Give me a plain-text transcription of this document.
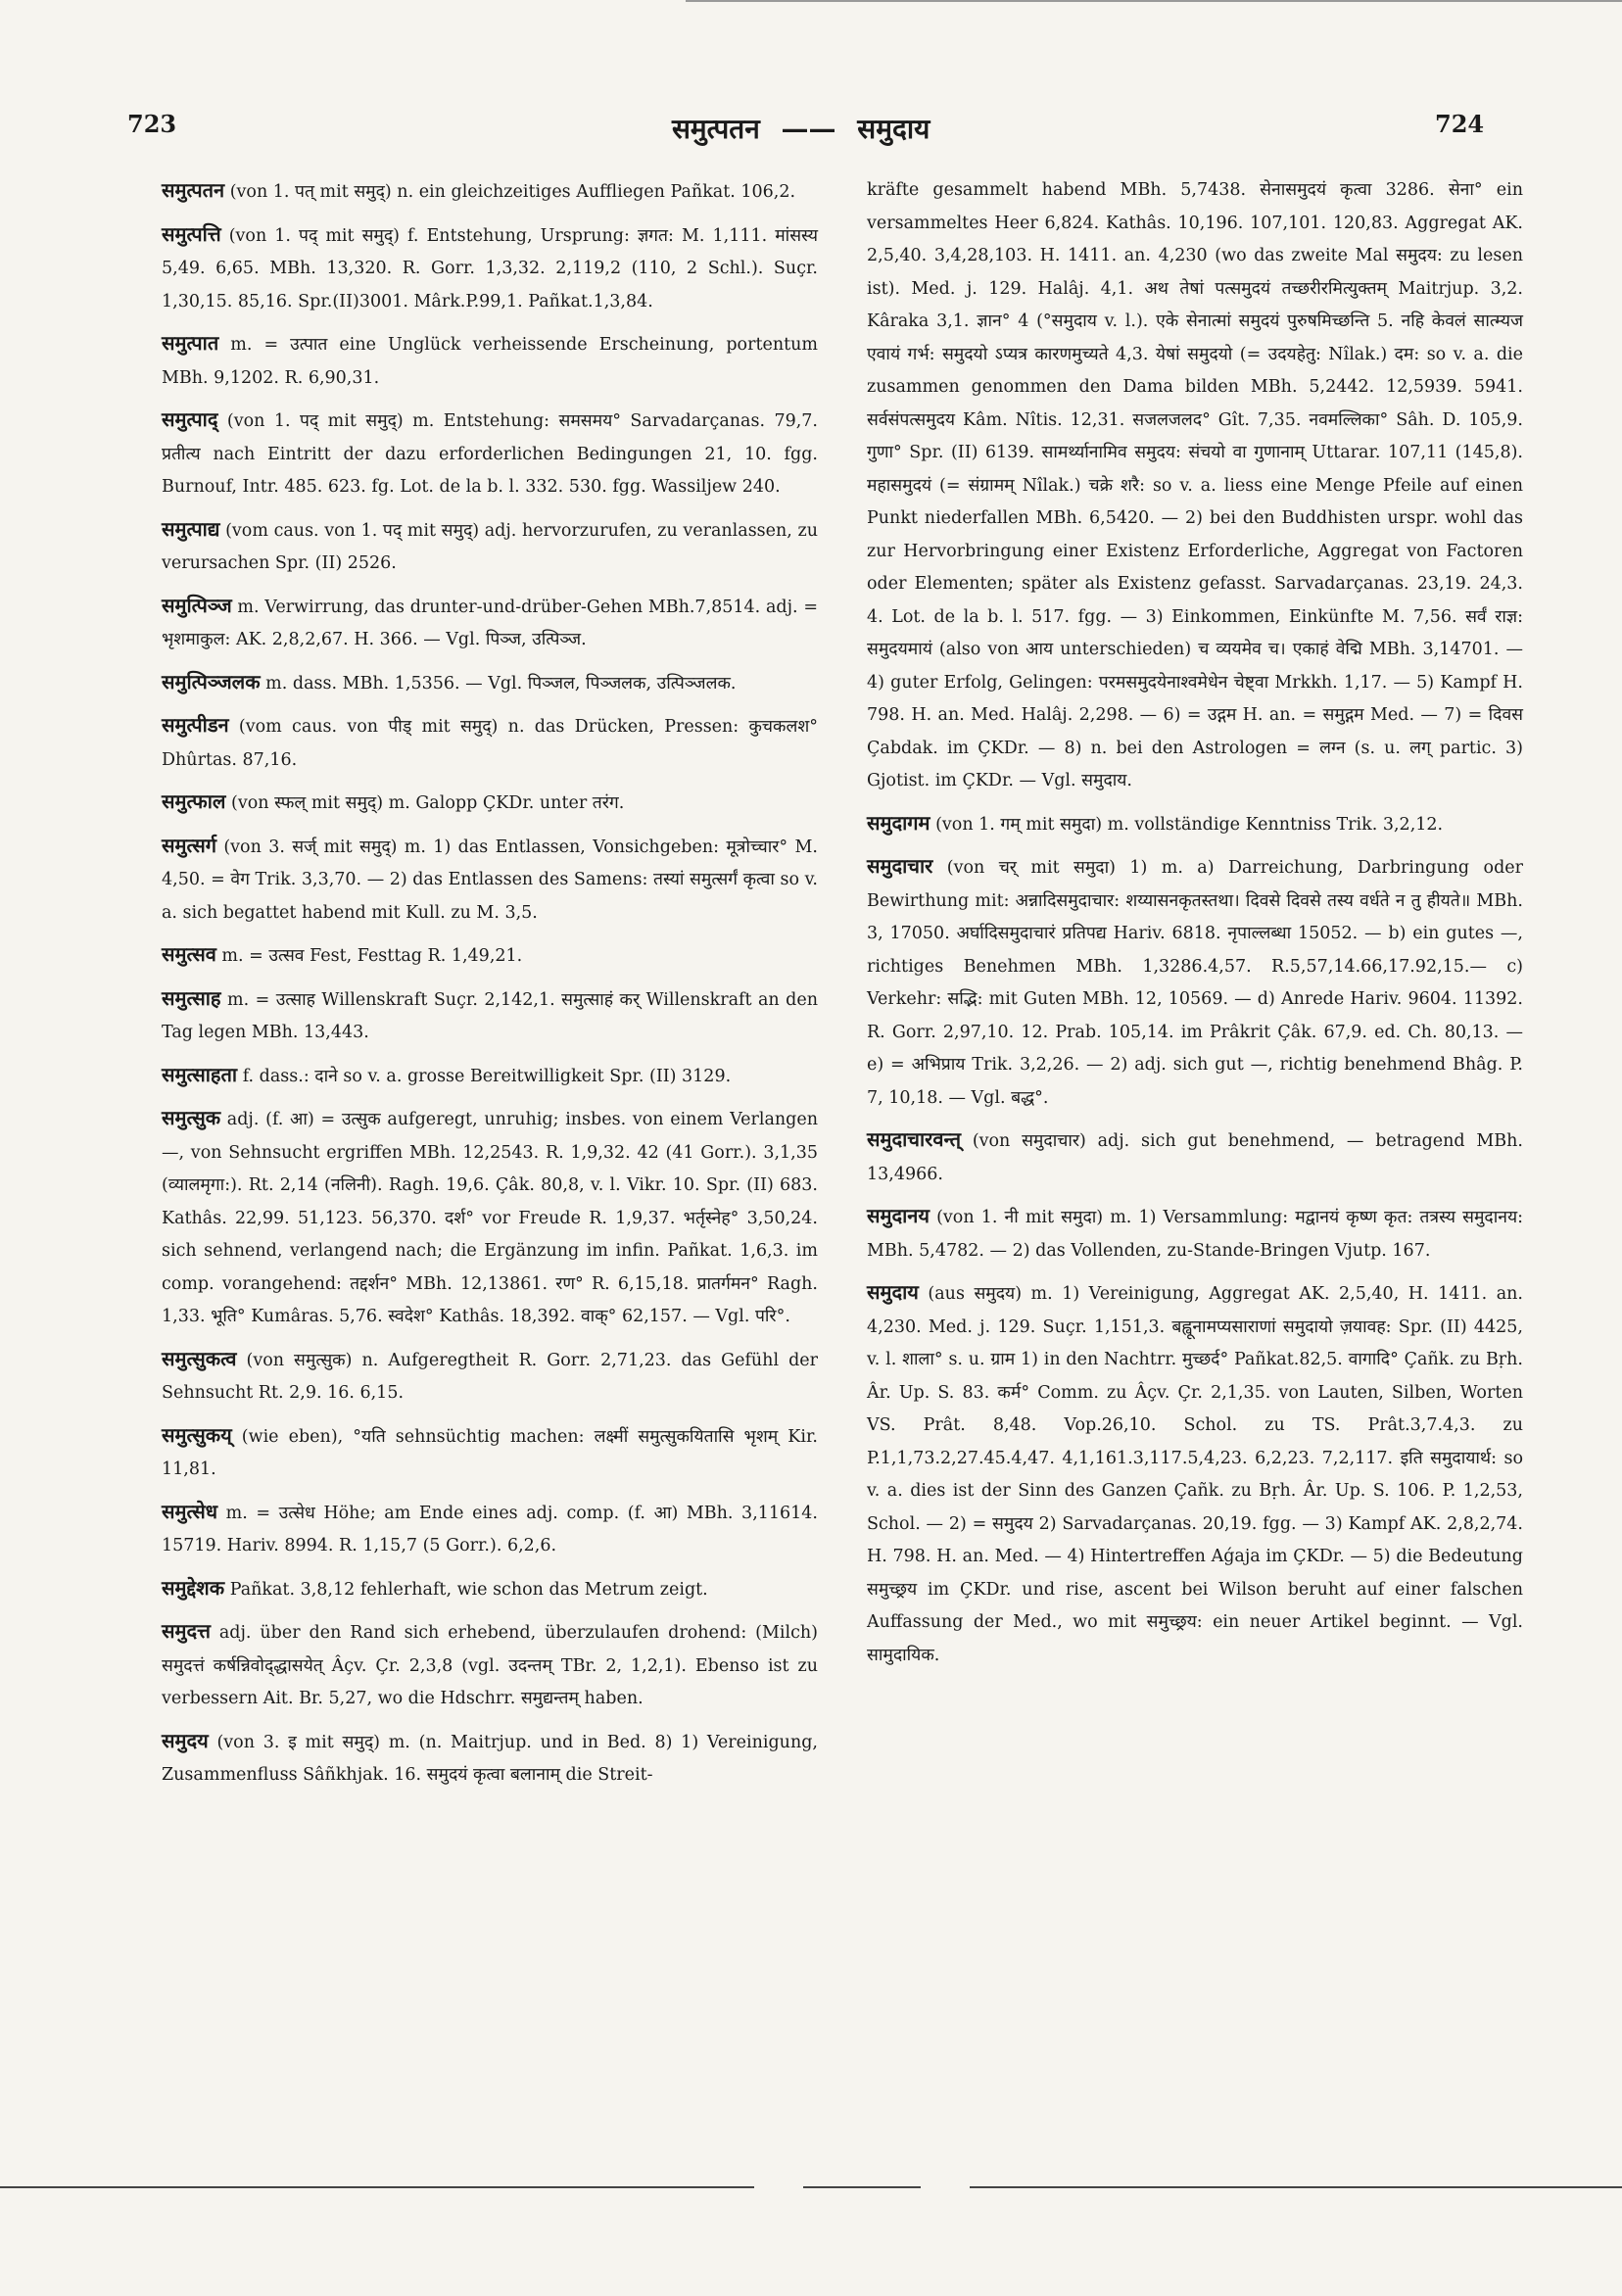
723	समुत्पतन —— समुदाय	724

समुत्पतन (von 1. पत् mit समुद्) n. ein gleichzeitiges Auffliegen Pañkat. 106,2.

समुत्पत्ति (von 1. पद् mit समुद्) f. Entstehung, Ursprung: ज्ञगत: M. 1,111. मांसस्य 5,49. 6,65. MBh. 13,320. R. Gorr. 1,3,32. 2,119,2 (110, 2 Schl.). Suçr. 1,30,15. 85,16. Spr.(II)3001. Mârk.P.99,1. Pañkat.1,3,84.

समुत्पात m. = उत्पात eine Unglück verheissende Erscheinung, portentum MBh. 9,1202. R. 6,90,31.

समुत्पाद् (von 1. पद् mit समुद्) m. Entstehung: समसमय° Sarvadarçanas. 79,7. प्रतीत्य nach Eintritt der dazu erforderlichen Bedingungen 21, 10. fgg. Burnouf, Intr. 485. 623. fg. Lot. de la b. l. 332. 530. fgg. Wassiljew 240.

समुत्पाद्य (vom caus. von 1. पद् mit समुद्) adj. hervorzurufen, zu veranlassen, zu verursachen Spr. (II) 2526.

समुत्पिञ्ज m. Verwirrung, das drunter-und-drüber-Gehen MBh.7,8514. adj. = भृशमाकुल: AK. 2,8,2,67. H. 366. — Vgl. पिञ्ज, उत्पिञ्ज.

समुत्पिञ्जलक m. dass. MBh. 1,5356. — Vgl. पिञ्जल, पिञ्जलक, उत्पिञ्जलक.

समुत्पीडन (vom caus. von पीड् mit समुद्) n. das Drücken, Pressen: कुचकलश° Dhûrtas. 87,16.

समुत्फाल (von स्फल् mit समुद्) m. Galopp ÇKDr. unter तरंग.

समुत्सर्ग (von 3. सर्ज् mit समुद्) m. 1) das Entlassen, Vonsichgeben: मूत्रोच्चार° M. 4,50. = वेग Trik. 3,3,70. — 2) das Entlassen des Samens: तस्यां समुत्सर्गं कृत्वा so v. a. sich begattet habend mit Kull. zu M. 3,5.

समुत्सव m. = उत्सव Fest, Festtag R. 1,49,21.

समुत्साह m. = उत्साह Willenskraft Suçr. 2,142,1. समुत्साहं कर् Willenskraft an den Tag legen MBh. 13,443.

समुत्साहता f. dass.: दाने so v. a. grosse Bereitwilligkeit Spr. (II) 3129.

समुत्सुक adj. (f. आ) = उत्सुक aufgeregt, unruhig; insbes. von einem Verlangen —, von Sehnsucht ergriffen MBh. 12,2543. R. 1,9,32. 42 (41 Gorr.). 3,1,35 (व्यालमृगा:). Rt. 2,14 (नलिनी). Ragh. 19,6. Çâk. 80,8, v. l. Vikr. 10. Spr. (II) 683. Kathâs. 22,99. 51,123. 56,370. दर्श° vor Freude R. 1,9,37. भर्तृस्नेह° 3,50,24. sich sehnend, verlangend nach; die Ergänzung im infin. Pañkat. 1,6,3. im comp. vorangehend: तद्दर्शन° MBh. 12,13861. रण° R. 6,15,18. प्रातर्गमन° Ragh. 1,33. भूति° Kumâras. 5,76. स्वदेश° Kathâs. 18,392. वाक्° 62,157. — Vgl. परि°.

समुत्सुकत्व (von समुत्सुक) n. Aufgeregtheit R. Gorr. 2,71,23. das Gefühl der Sehnsucht Rt. 2,9. 16. 6,15.

समुत्सुकय् (wie eben), °यति sehnsüchtig machen: लक्ष्मीं समुत्सुकयितासि भृशम् Kir. 11,81.

समुत्सेध m. = उत्सेध Höhe; am Ende eines adj. comp. (f. आ) MBh. 3,11614. 15719. Hariv. 8994. R. 1,15,7 (5 Gorr.). 6,2,6.

समुद्देशक Pañkat. 3,8,12 fehlerhaft, wie schon das Metrum zeigt.

समुदत्त adj. über den Rand sich erhebend, überzulaufen drohend: (Milch) समुदत्तं कर्षन्निवोद्‌द्धासयेत् Âçv. Çr. 2,3,8 (vgl. उदन्तम् TBr. 2, 1,2,1). Ebenso ist zu verbessern Ait. Br. 5,27, wo die Hdschrr. समुद्यन्तम् haben.

समुदय (von 3. इ mit समुद्) m. (n. Maitrjup. und in Bed. 8) 1) Vereinigung, Zusammenfluss Sâñkhjak. 16. समुदयं कृत्वा बलानाम् die Streit-

kräfte gesammelt habend MBh. 5,7438. सेनासमुदयं कृत्वा 3286. सेना° ein versammeltes Heer 6,824. Kathâs. 10,196. 107,101. 120,83. Aggregat AK. 2,5,40. 3,4,28,103. H. 1411. an. 4,230 (wo das zweite Mal समुदय: zu lesen ist). Med. j. 129. Halâj. 4,1. अथ तेषां पत्समुदयं तच्छरीरमित्युक्तम् Maitrjup. 3,2. Kâraka 3,1. ज्ञान° 4 (°समुदाय v. l.). एके सेनात्मां समुदयं पुरुषमिच्छन्ति 5. नहि केवलं सात्म्यज एवायं गर्भ: समुदयो ऽप्यत्र कारणमुच्यते 4,3. येषां समुदयो (= उदयहेतु: Nîlak.) दम: so v. a. die zusammen genommen den Dama bilden MBh. 5,2442. 12,5939. 5941. सर्वसंपत्समुदय Kâm. Nîtis. 12,31. सजलजलद° Gît. 7,35. नवमल्लिका° Sâh. D. 105,9. गुणा° Spr. (II) 6139. सामर्थ्यानामिव समुदय: संचयो वा गुणानाम् Uttarar. 107,11 (145,8). महासमुदयं (= संग्रामम् Nîlak.) चक्रे शरै: so v. a. liess eine Menge Pfeile auf einen Punkt niederfallen MBh. 6,5420. — 2) bei den Buddhisten urspr. wohl das zur Hervorbringung einer Existenz Erforderliche, Aggregat von Factoren oder Elementen; später als Existenz gefasst. Sarvadarçanas. 23,19. 24,3. 4. Lot. de la b. l. 517. fgg. — 3) Einkommen, Einkünfte M. 7,56. सर्वं राज्ञ: समुदयमायं (also von आय unterschieden) च व्ययमेव च। एकाहं वेद्मि MBh. 3,14701. — 4) guter Erfolg, Gelingen: परमसमुदयेनाश्वमेधेन चेष्ट्वा Mrkkh. 1,17. — 5) Kampf H. 798. H. an. Med. Halâj. 2,298. — 6) = उद्गम H. an. = समुद्गम Med. — 7) = दिवस Çabdak. im ÇKDr. — 8) n. bei den Astrologen = लग्न (s. u. लग् partic. 3) Gjotist. im ÇKDr. — Vgl. समुदाय.

समुदागम (von 1. गम् mit समुदा) m. vollständige Kenntniss Trik. 3,2,12.

समुदाचार (von चर् mit समुदा) 1) m. a) Darreichung, Darbringung oder Bewirthung mit: अन्नादिसमुदाचार: शय्यासनकृतस्तथा। दिवसे दिवसे तस्य वर्धते न तु हीयते॥ MBh. 3, 17050. अर्घादिसमुदाचारं प्रतिपद्य Hariv. 6818. नृपाल्लब्धा 15052. — b) ein gutes —, richtiges Benehmen MBh. 1,3286.4,57. R.5,57,14.66,17.92,15.— c) Verkehr: सद्भि: mit Guten MBh. 12, 10569. — d) Anrede Hariv. 9604. 11392. R. Gorr. 2,97,10. 12. Prab. 105,14. im Prâkrit Çâk. 67,9. ed. Ch. 80,13. — e) = अभिप्राय Trik. 3,2,26. — 2) adj. sich gut —, richtig benehmend Bhâg. P. 7, 10,18. — Vgl. बद्ध°.

समुदाचारवन्त् (von समुदाचार) adj. sich gut benehmend, — betragend MBh. 13,4966.

समुदानय (von 1. नी mit समुदा) m. 1) Versammlung: मद्वानयं कृष्ण कृत: तत्रस्य समुदानय: MBh. 5,4782. — 2) das Vollenden, zu-Stande-Bringen Vjutp. 167.

समुदाय (aus समुदय) m. 1) Vereinigung, Aggregat AK. 2,5,40, H. 1411. an. 4,230. Med. j. 129. Suçr. 1,151,3. बह्वूनामप्यसाराणां समुदायो ज़यावह: Spr. (II) 4425, v. l. शाला° s. u. ग्राम 1) in den Nachtrr. मुच्छर्द° Pañkat.82,5. वागादि° Çañk. zu Bṛh. Âr. Up. S. 83. कर्म° Comm. zu Âçv. Çr. 2,1,35. von Lauten, Silben, Worten VS. Prât. 8,48. Vop.26,10. Schol. zu TS. Prât.3,7.4,3. zu P.1,1,73.2,27.45.4,47. 4,1,161.3,117.5,4,23. 6,2,23. 7,2,117. इति समुदायार्थ: so v. a. dies ist der Sinn des Ganzen Çañk. zu Bṛh. Âr. Up. S. 106. P. 1,2,53, Schol. — 2) = समुदय 2) Sarvadarçanas. 20,19. fgg. — 3) Kampf AK. 2,8,2,74. H. 798. H. an. Med. — 4) Hintertreffen Aǵaja im ÇKDr. — 5) die Bedeutung समुच्छ्रय im ÇKDr. und rise, ascent bei Wilson beruht auf einer falschen Auffassung der Med., wo mit समुच्छ्रय: ein neuer Artikel beginnt. — Vgl. सामुदायिक.
